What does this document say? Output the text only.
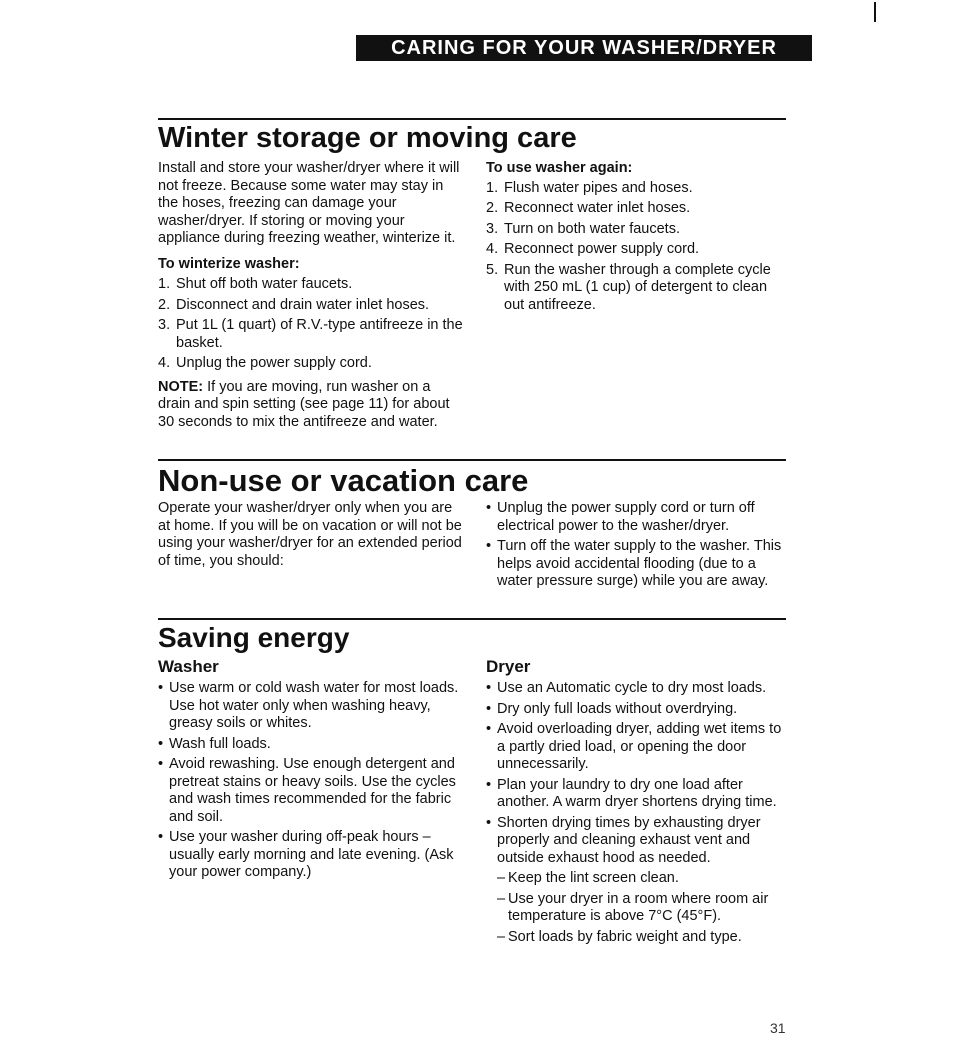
CARING FOR YOUR WASHER/DRYER
Winter storage or moving care

Install and store your washer/dryer where it will not freeze. Because some water may stay in the hoses, freezing can damage your washer/dryer. If storing or moving your appliance during freezing weather, winterize it.

To winterize washer:

1. Shut off both water faucets.
2. Disconnect and drain water inlet hoses.
3. Put 1L (1 quart) of R.V.-type antifreeze in the basket.
4. Unplug the power supply cord.

NOTE: If you are moving, run washer on a drain and spin setting (see page 11) for about 30 seconds to mix the antifreeze and water.

To use washer again:

1. Flush water pipes and hoses.
2. Reconnect water inlet hoses.
3. Turn on both water faucets.
4. Reconnect power supply cord.
5. Run the washer through a complete cycle with 250 mL (1 cup) of detergent to clean out antifreeze.
Non-use or vacation care

Operate your washer/dryer only when you are at home. If you will be on vacation or will not be using your washer/dryer for an extended period of time, you should:

• Unplug the power supply cord or turn off electrical power to the washer/dryer.
• Turn off the water supply to the washer. This helps avoid accidental flooding (due to a water pressure surge) while you are away.
Saving energy
Washer
• Use warm or cold wash water for most loads. Use hot water only when washing heavy, greasy soils or whites.
• Wash full loads.
• Avoid rewashing. Use enough detergent and pretreat stains or heavy soils. Use the cycles and wash times recommended for the fabric and soil.
• Use your washer during off-peak hours – usually early morning and late evening. (Ask your power company.)
Dryer
• Use an Automatic cycle to dry most loads.
• Dry only full loads without overdrying.
• Avoid overloading dryer, adding wet items to a partly dried load, or opening the door unnecessarily.
• Plan your laundry to dry one load after another. A warm dryer shortens drying time.
• Shorten drying times by exhausting dryer properly and cleaning exhaust vent and outside exhaust hood as needed.
– Keep the lint screen clean.
– Use your dryer in a room where room air temperature is above 7°C (45°F).
– Sort loads by fabric weight and type.
31
